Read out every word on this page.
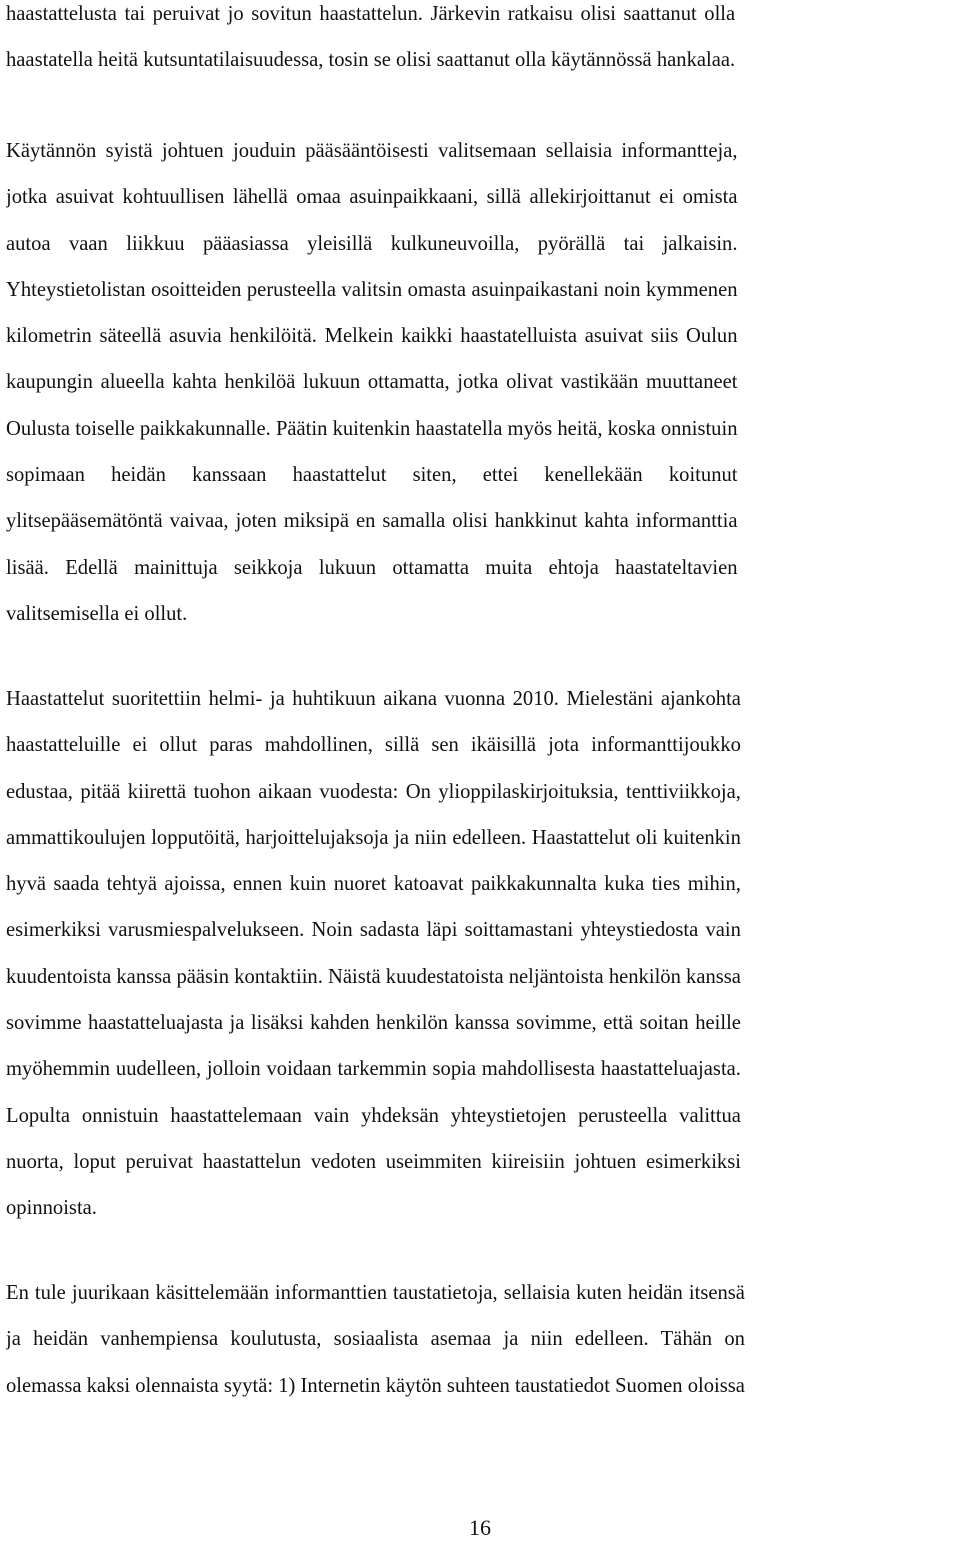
haastattelusta tai peruivat jo sovitun haastattelun. Järkevin ratkaisu olisi saattanut olla
haastatella heitä kutsuntatilaisuudessa, tosin se olisi saattanut olla käytännössä hankalaa.
Käytännön syistä johtuen jouduin pääsääntöisesti valitsemaan sellaisia informantteja,
jotka asuivat kohtuullisen lähellä omaa asuinpaikkaani, sillä allekirjoittanut ei omista
autoa vaan liikkuu pääasiassa yleisillä kulkuneuvoilla, pyörällä tai jalkaisin.
Yhteystietolistan osoitteiden perusteella valitsin omasta asuinpaikastani noin kymmenen
kilometrin säteellä asuvia henkilöitä. Melkein kaikki haastatelluista asuivat siis Oulun
kaupungin alueella kahta henkilöä lukuun ottamatta, jotka olivat vastikään muuttaneet
Oulusta toiselle paikkakunnalle. Päätin kuitenkin haastatella myös heitä, koska onnistuin
sopimaan heidän kanssaan haastattelut siten, ettei kenellekään koitunut
ylitsepääsemätöntä vaivaa, joten miksipä en samalla olisi hankkinut kahta informanttia
lisää. Edellä mainittuja seikkoja lukuun ottamatta muita ehtoja haastateltavien
valitsemisella ei ollut.
Haastattelut suoritettiin helmi- ja huhtikuun aikana vuonna 2010. Mielestäni ajankohta
haastatteluille ei ollut paras mahdollinen, sillä sen ikäisillä jota informanttijoukko
edustaa, pitää kiirettä tuohon aikaan vuodesta: On ylioppilaskirjoituksia, tenttiviikkoja,
ammattikoulujen lopputöitä, harjoittelujaksoja ja niin edelleen. Haastattelut oli kuitenkin
hyvä saada tehtyä ajoissa, ennen kuin nuoret katoavat paikkakunnalta kuka ties mihin,
esimerkiksi varusmiespalvelukseen. Noin sadasta läpi soittamastani yhteystiedosta vain
kuudentoista kanssa pääsin kontaktiin. Näistä kuudestatoista neljäntoista henkilön kanssa
sovimme haastatteluajasta ja lisäksi kahden henkilön kanssa sovimme, että soitan heille
myöhemmin uudelleen, jolloin voidaan tarkemmin sopia mahdollisesta haastatteluajasta.
Lopulta onnistuin haastattelemaan vain yhdeksän yhteystietojen perusteella valittua
nuorta, loput peruivat haastattelun vedoten useimmiten kiireisiin johtuen esimerkiksi
opinnoista.
En tule juurikaan käsittelemään informanttien taustatietoja, sellaisia kuten heidän itsensä
ja heidän vanhempiensa koulutusta, sosiaalista asemaa ja niin edelleen. Tähän on
olemassa kaksi olennaista syytä: 1) Internetin käytön suhteen taustatiedot Suomen oloissa
16
